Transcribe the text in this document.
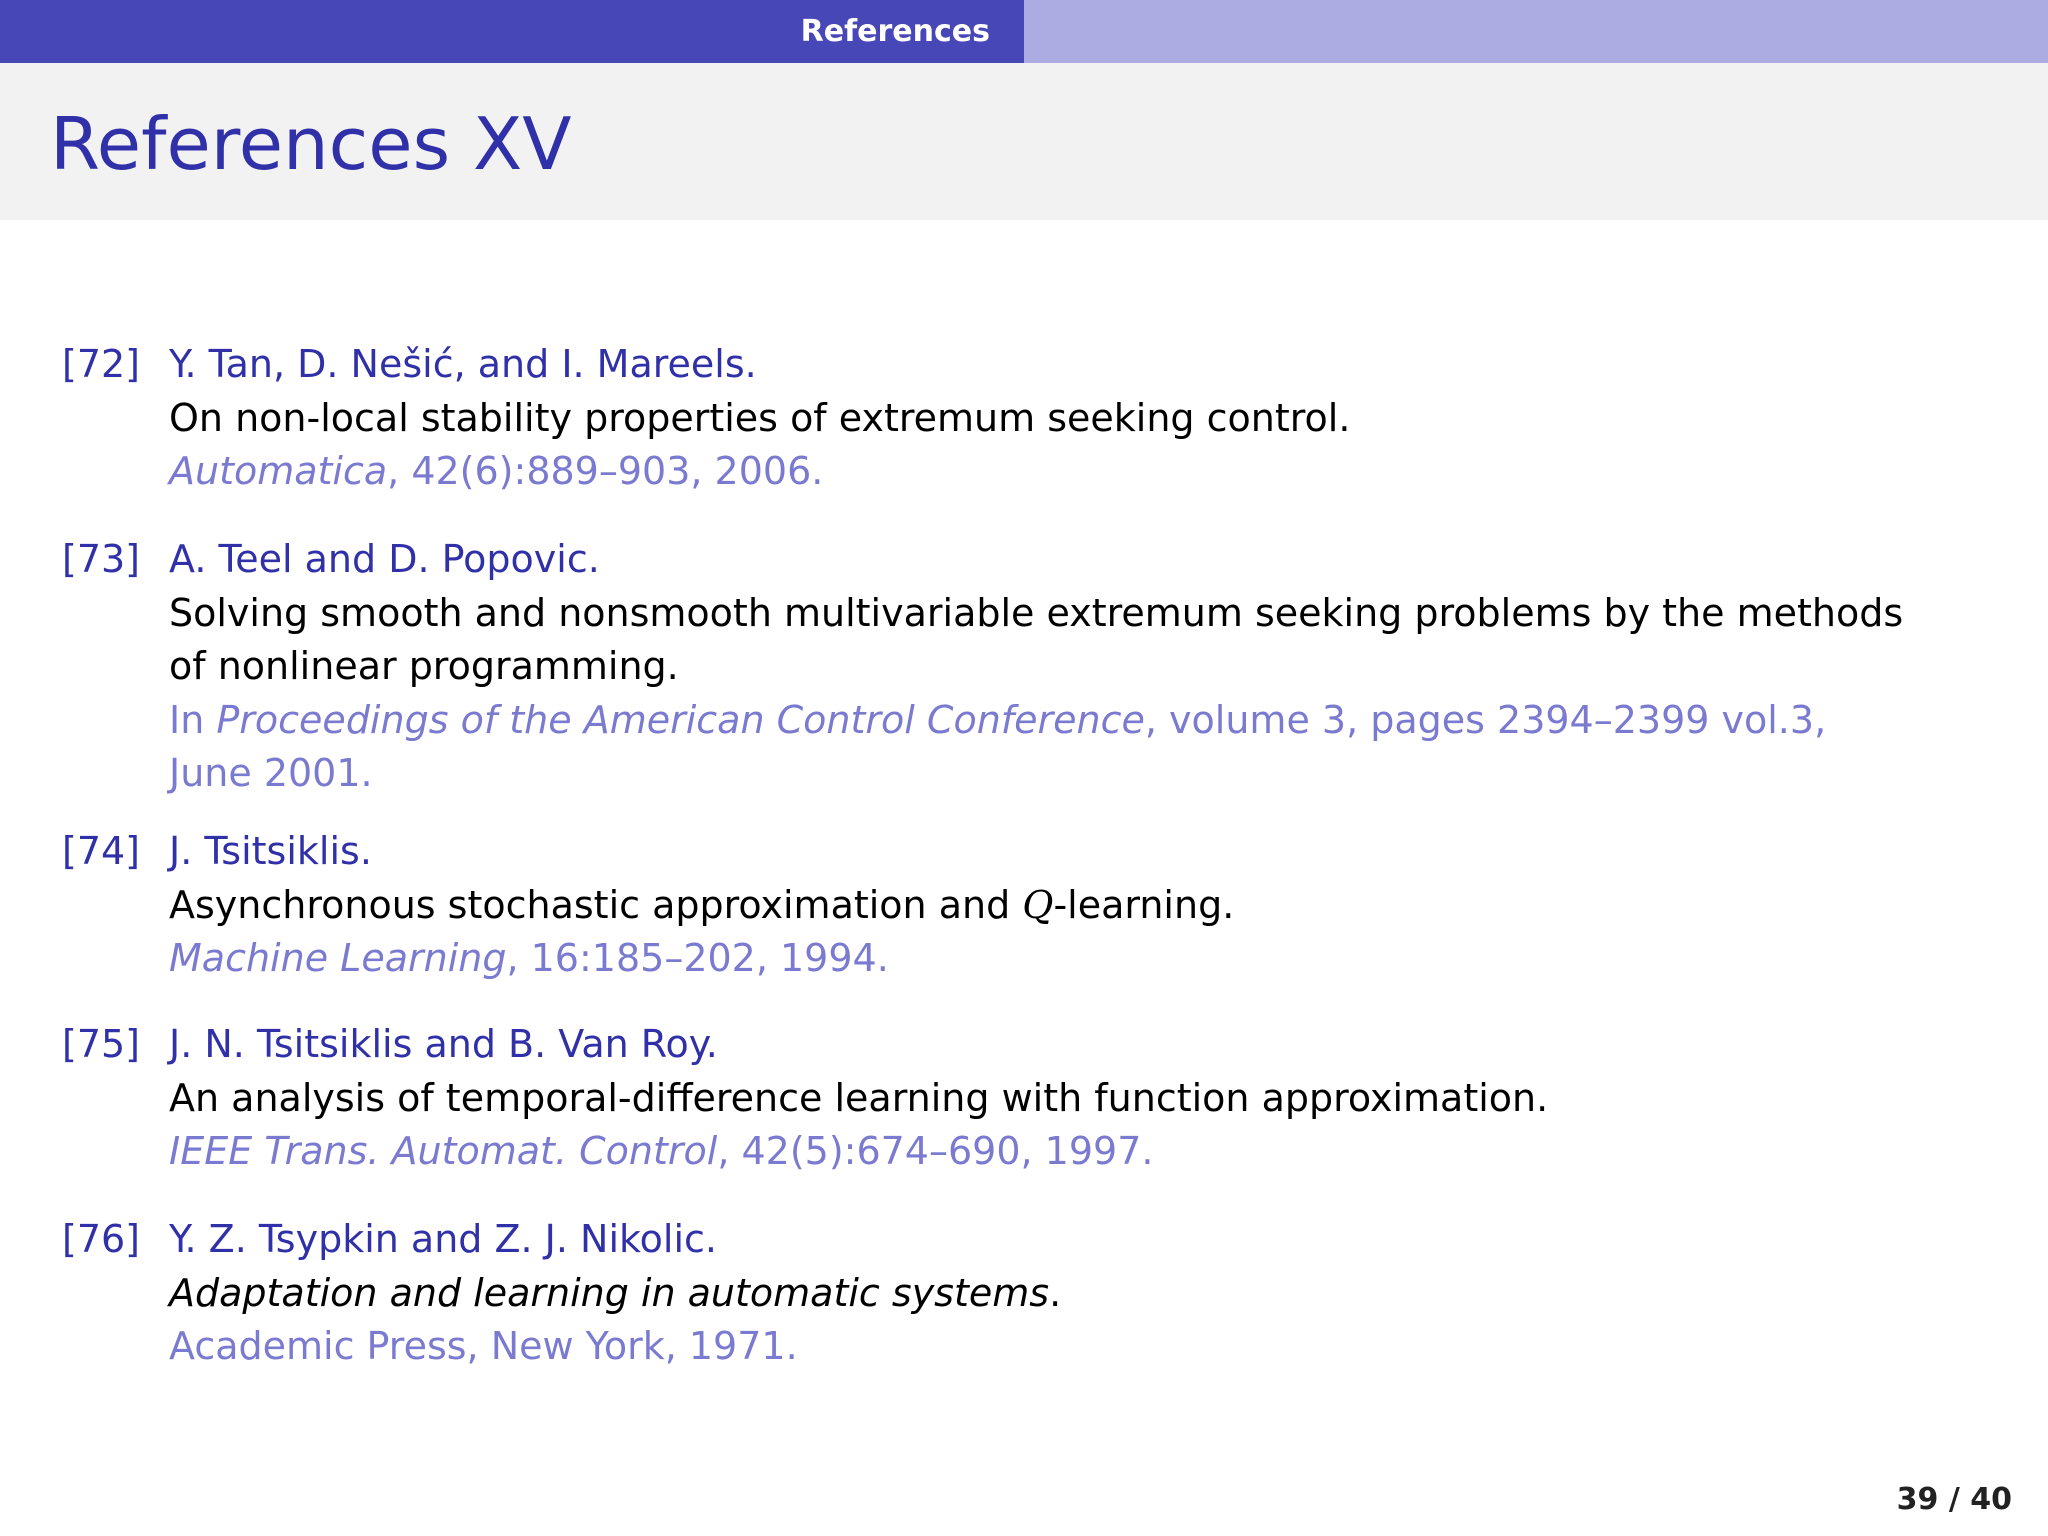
References
References XV
[72] Y. Tan, D. Nešić, and I. Mareels.
On non-local stability properties of extremum seeking control.
Automatica, 42(6):889–903, 2006.
[73] A. Teel and D. Popovic.
Solving smooth and nonsmooth multivariable extremum seeking problems by the methods
of nonlinear programming.
In Proceedings of the American Control Conference, volume 3, pages 2394–2399 vol.3,
June 2001.
[74] J. Tsitsiklis.
Asynchronous stochastic approximation and Q-learning.
Machine Learning, 16:185–202, 1994.
[75] J. N. Tsitsiklis and B. Van Roy.
An analysis of temporal-difference learning with function approximation.
IEEE Trans. Automat. Control, 42(5):674–690, 1997.
[76] Y. Z. Tsypkin and Z. J. Nikolic.
Adaptation and learning in automatic systems.
Academic Press, New York, 1971.
39 / 40
